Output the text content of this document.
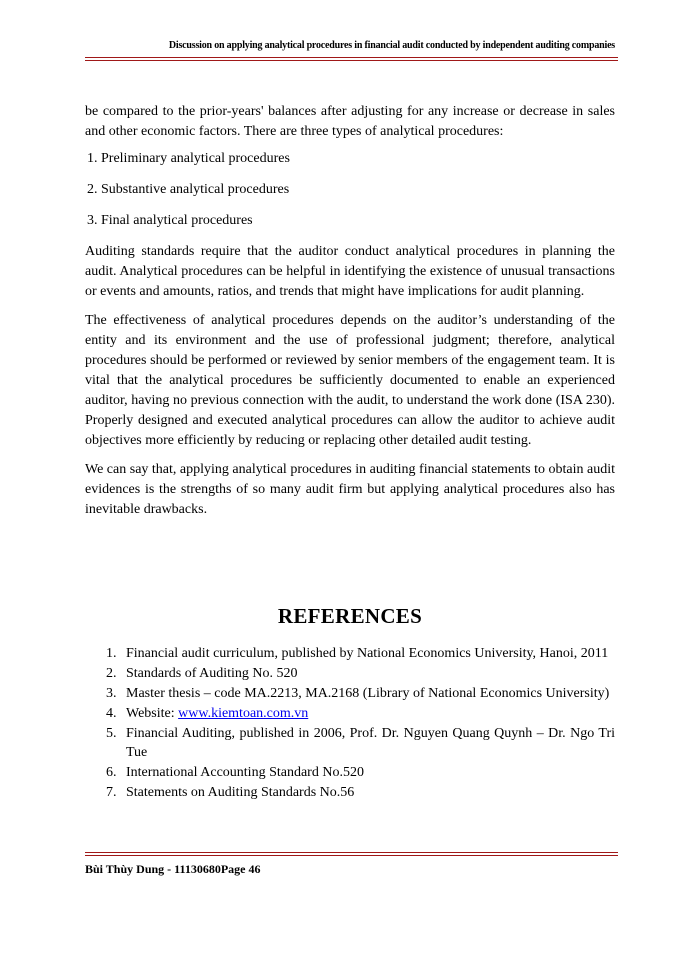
Discussion on applying analytical procedures in financial audit conducted by independent auditing companies

be compared to the prior-years' balances after adjusting for any increase or decrease in sales and other economic factors. There are three types of analytical procedures:

1. Preliminary analytical procedures
2. Substantive analytical procedures
3. Final analytical procedures

Auditing standards require that the auditor conduct analytical procedures in planning the audit. Analytical procedures can be helpful in identifying the existence of unusual transactions or events and amounts, ratios, and trends that might have implications for audit planning.

The effectiveness of analytical procedures depends on the auditor’s understanding of the entity and its environment and the use of professional judgment; therefore, analytical procedures should be performed or reviewed by senior members of the engagement team. It is vital that the analytical procedures be sufficiently documented to enable an experienced auditor, having no previous connection with the audit, to understand the work done (ISA 230). Properly designed and executed analytical procedures can allow the auditor to achieve audit objectives more efficiently by reducing or replacing other detailed audit testing.

We can say that, applying analytical procedures in auditing financial statements to obtain audit evidences is the strengths of so many audit firm but applying analytical procedures also has inevitable drawbacks.

REFERENCES
1. Financial audit curriculum, published by National Economics University, Hanoi, 2011
2. Standards of Auditing No. 520
3. Master thesis – code MA.2213, MA.2168 (Library of National Economics University)
4. Website: www.kiemtoan.com.vn
5. Financial Auditing, published in 2006, Prof. Dr. Nguyen Quang Quynh – Dr. Ngo Tri Tue
6. International Accounting Standard No.520
7. Statements on Auditing Standards No.56
Bùi Thùy Dung - 11130680Page 46
